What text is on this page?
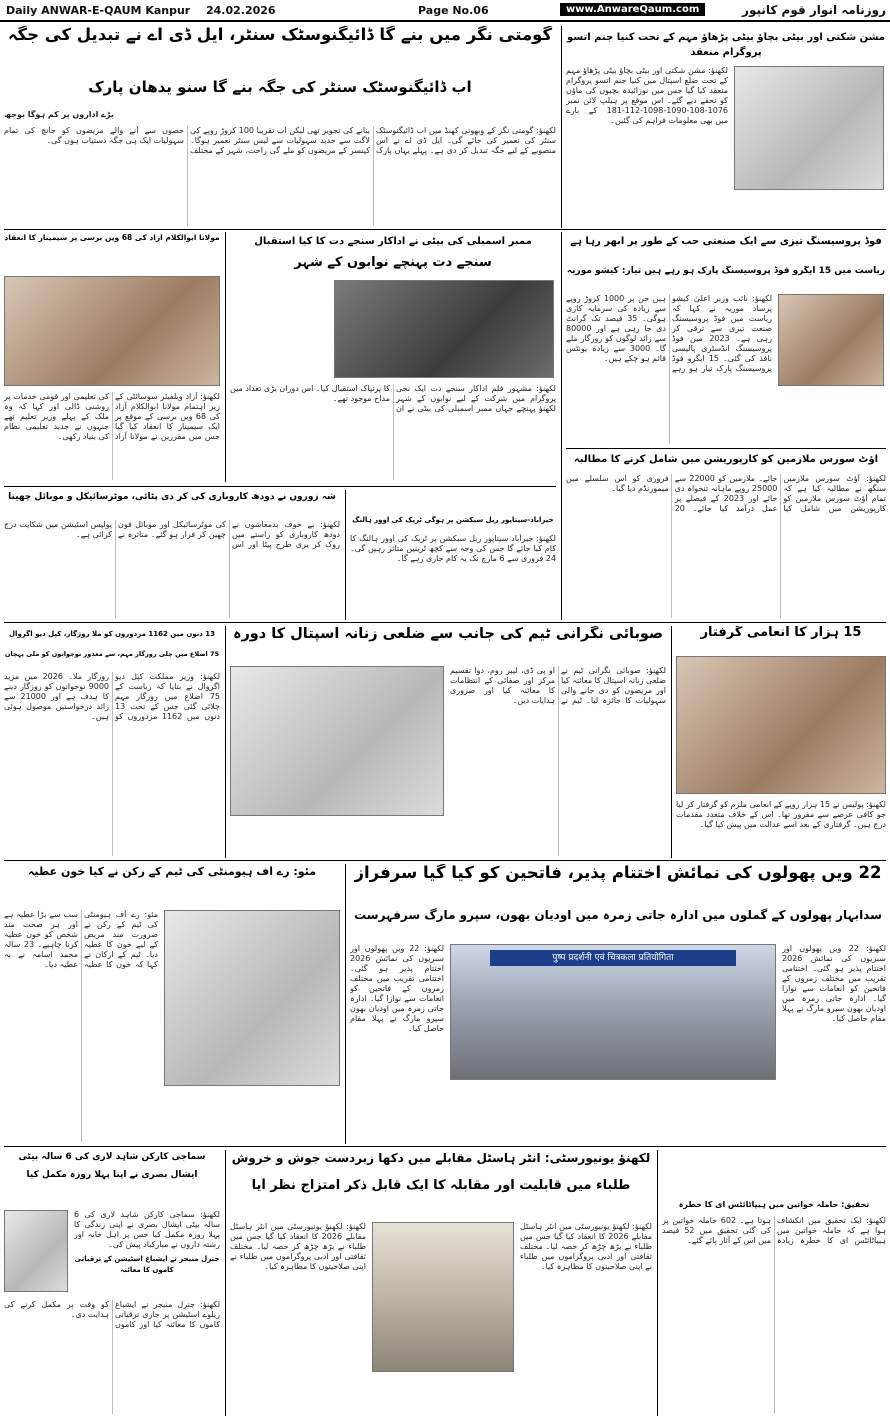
Daily ANWAR-E-QAUM Kanpur 24.02.2026	Page No.06	www.AnwareQaum.com	روزنامہ انوارِ قوم کانپور
گومتی نگر میں بنے گا ڈائیگنوسٹک سنٹر، ایل ڈی اے نے تبدیل کی جگہ
اب ڈائیگنوسٹک سنٹر کی جگہ بنے گا سنو یدھان پارک
بڑے اداروں پر کم ہوگا بوجھ
لکھنؤ: گومتی نگر کے وبھوتی کھنڈ میں اب ڈائیگنوسٹک سنٹر کی تعمیر کی جائے گی۔ ایل ڈی اے نے اس منصوبے کے لیے جگہ تبدیل کر دی ہے۔ پہلے یہاں پارک بنانے کی تجویز تھی لیکن اب تقریباً 100 کروڑ روپے کی لاگت سے جدید سہولیات سے لیس سنٹر تعمیر ہوگا۔ کینسر کے مریضوں کو ملے گی راحت، شہر کے مختلف حصوں سے آنے والے مریضوں کو جانچ کی تمام سہولیات ایک ہی جگہ دستیاب ہوں گی۔
مشن شکتی اور بیٹی بچاؤ بیٹی پڑھاؤ مہم کے تحت کنیا جنم اتسو پروگرام منعقد
لکھنؤ: مشن شکتی اور بیٹی بچاؤ بیٹی پڑھاؤ مہم کے تحت ضلع اسپتال میں کنیا جنم اتسو پروگرام منعقد کیا گیا جس میں نوزائیدہ بچیوں کی ماؤں کو تحفے دیے گئے۔ اس موقع پر ہیلپ لائن نمبر 1076-108-1090-1098-112-181 کے بارے میں بھی معلومات فراہم کی گئیں۔
مولانا ابوالکلام آزاد کی 68 ویں برسی پر سیمینار کا انعقاد
لکھنؤ: آزاد ویلفیئر سوسائٹی کے زیر اہتمام مولانا ابوالکلام آزاد کی 68 ویں برسی کے موقع پر ایک سیمینار کا انعقاد کیا گیا جس میں مقررین نے مولانا آزاد کی تعلیمی اور قومی خدمات پر روشنی ڈالی اور کہا کہ وہ ملک کے پہلے وزیر تعلیم تھے جنہوں نے جدید تعلیمی نظام کی بنیاد رکھی۔
ممبر اسمبلی کی بیٹی نے اداکار سنجے دت کا کیا استقبال
سنجے دت پہنچے نوابوں کے شہر
لکھنؤ: مشہور فلم اداکار سنجے دت ایک نجی پروگرام میں شرکت کے لیے نوابوں کے شہر لکھنؤ پہنچے جہاں ممبر اسمبلی کی بیٹی نے ان کا پرتپاک استقبال کیا۔ اس دوران بڑی تعداد میں مداح موجود تھے۔
فوڈ پروسیسنگ تیزی سے ایک صنعتی حب کے طور پر ابھر رہا ہے
ریاست میں 15 ایگرو فوڈ پروسیسنگ پارک ہو رہے ہیں تیار: کیشو موریہ
لکھنؤ: نائب وزیر اعلیٰ کیشو پرساد موریہ نے کہا کہ ریاست میں فوڈ پروسیسنگ صنعت تیزی سے ترقی کر رہی ہے۔ 2023 میں فوڈ پروسیسنگ انڈسٹری پالیسی نافذ کی گئی۔ 15 ایگرو فوڈ پروسیسنگ پارک تیار ہو رہے ہیں جن پر 1000 کروڑ روپے سے زیادہ کی سرمایہ کاری ہوگی۔ 35 فیصد تک گرانٹ دی جا رہی ہے اور 80000 سے زائد لوگوں کو روزگار ملے گا۔ 3000 سے زیادہ یونٹس قائم ہو چکے ہیں۔
شہ زوروں نے دودھ کاروباری کی کر دی پٹائی، موٹرسائیکل و موبائل چھینا
لکھنؤ: بے خوف بدمعاشوں نے دودھ کاروباری کو راستے میں روک کر بری طرح پیٹا اور اس کی موٹرسائیکل اور موبائل فون چھین کر فرار ہو گئے۔ متاثرہ نے پولیس اسٹیشن میں شکایت درج کرائی ہے۔
خیرآباد-سیتاپور ریل سیکشن پر ہوگی ٹریک کی اوور ہالنگ
لکھنؤ: خیرآباد سیتاپور ریل سیکشن پر ٹریک کی اوور ہالنگ کا کام کیا جائے گا جس کی وجہ سے کچھ ٹرینیں متاثر رہیں گی۔ 24 فروری سے 6 مارچ تک یہ کام جاری رہے گا۔
آؤٹ سورس ملازمین کو کارپوریشن میں شامل کرنے کا مطالبہ
لکھنؤ: آؤٹ سورس ملازمین سنگھ نے مطالبہ کیا ہے کہ تمام آؤٹ سورس ملازمین کو کارپوریشن میں شامل کیا جائے۔ ملازمین کو 22000 سے 25000 روپے ماہانہ تنخواہ دی جائے اور 2023 کے فیصلے پر عمل درآمد کیا جائے۔ 20 فروری کو اس سلسلے میں میمورنڈم دیا گیا۔
13 دنوں میں 1162 مزدوروں کو ملا روزگار، کپل دیو اگروال
75 اضلاع میں چلی روزگار مہم، سے معذور نوجوانوں کو ملی پہچان
لکھنؤ: وزیر مملکت کپل دیو اگروال نے بتایا کہ ریاست کے 75 اضلاع میں روزگار مہم چلائی گئی جس کے تحت 13 دنوں میں 1162 مزدوروں کو روزگار ملا۔ 2026 میں مزید 9000 نوجوانوں کو روزگار دینے کا ہدف ہے اور 21000 سے زائد درخواستیں موصول ہوئی ہیں۔
صوبائی نگرانی ٹیم کی جانب سے ضلعی زنانہ اسپتال کا دورہ
لکھنؤ: صوبائی نگرانی ٹیم نے ضلعی زنانہ اسپتال کا معائنہ کیا اور مریضوں کو دی جانے والی سہولیات کا جائزہ لیا۔ ٹیم نے او پی ڈی، لیبر روم، دوا تقسیم مرکز اور صفائی کے انتظامات کا معائنہ کیا اور ضروری ہدایات دیں۔
15 ہزار کا انعامی گرفتار
لکھنؤ: پولیس نے 15 ہزار روپے کے انعامی ملزم کو گرفتار کر لیا جو کافی عرصے سے مفرور تھا۔ اس کے خلاف متعدد مقدمات درج ہیں۔ گرفتاری کے بعد اسے عدالت میں پیش کیا گیا۔
مئو: رے آف ہیومنٹی کی ٹیم کے رکن نے کیا خون عطیہ
مئو: رے آف ہیومنٹی کی ٹیم کے رکن نے ضرورت مند مریض کے لیے خون کا عطیہ دیا۔ ٹیم کے ارکان نے کہا کہ خون کا عطیہ سب سے بڑا عطیہ ہے اور ہر صحت مند شخص کو خون عطیہ کرنا چاہیے۔ 23 سالہ محمد اسامہ نے یہ عطیہ دیا۔
22 ویں پھولوں کی نمائش اختتام پذیر، فاتحین کو کیا گیا سرفراز
سدابہار پھولوں کے گملوں میں ادارہ جاتی زمرہ میں اودیان بھون، سپرو مارگ سرفہرست
لکھنؤ: 22 ویں پھولوں اور سبزیوں کی نمائش 2026 اختتام پذیر ہو گئی۔ اختتامی تقریب میں مختلف زمروں کے فاتحین کو انعامات سے نوازا گیا۔ ادارہ جاتی زمرہ میں اودیان بھون سپرو مارگ نے پہلا مقام حاصل کیا۔
पुष्प प्रदर्शनी एवं चित्रकला प्रतियोगिता
لکھنؤ: 22 ویں پھولوں اور سبزیوں کی نمائش 2026 اختتام پذیر ہو گئی۔ اختتامی تقریب میں مختلف زمروں کے فاتحین کو انعامات سے نوازا گیا۔ ادارہ جاتی زمرہ میں اودیان بھون سپرو مارگ نے پہلا مقام حاصل کیا۔
سماجی کارکن شاہد لاری کی 6 سالہ بیٹی
ایشال بصری نے اپنا پہلا روزہ مکمل کیا
لکھنؤ: سماجی کارکن شاہد لاری کی 6 سالہ بیٹی ایشال بصری نے اپنی زندگی کا پہلا روزہ مکمل کیا جس پر اہل خانہ اور رشتہ داروں نے مبارکباد پیش کی۔
جنرل منیجر نے ایشباغ اسٹیشن کے ترقیاتی کاموں کا معائنہ
لکھنؤ: جنرل منیجر نے ایشباغ ریلوے اسٹیشن پر جاری ترقیاتی کاموں کا معائنہ کیا اور کاموں کو وقت پر مکمل کرنے کی ہدایت دی۔
لکھنؤ یونیورسٹی: انٹر ہاسٹل مقابلے میں دکھا زبردست جوش و خروش
طلباء میں قابلیت اور مقابلہ کا ایک قابل ذکر امتزاج نظر آیا
لکھنؤ: لکھنؤ یونیورسٹی میں انٹر ہاسٹل مقابلے 2026 کا انعقاد کیا گیا جس میں طلباء نے بڑھ چڑھ کر حصہ لیا۔ مختلف ثقافتی اور ادبی پروگراموں میں طلباء نے اپنی صلاحیتوں کا مظاہرہ کیا۔
لکھنؤ: لکھنؤ یونیورسٹی میں انٹر ہاسٹل مقابلے 2026 کا انعقاد کیا گیا جس میں طلباء نے بڑھ چڑھ کر حصہ لیا۔ مختلف ثقافتی اور ادبی پروگراموں میں طلباء نے اپنی صلاحیتوں کا مظاہرہ کیا۔
تحقیق: حاملہ خواتین میں ہیپاٹائٹس ای کا خطرہ
لکھنؤ: ایک تحقیق میں انکشاف ہوا ہے کہ حاملہ خواتین میں ہیپاٹائٹس ای کا خطرہ زیادہ ہوتا ہے۔ 602 حاملہ خواتین پر کی گئی تحقیق میں 52 فیصد میں اس کے آثار پائے گئے۔
